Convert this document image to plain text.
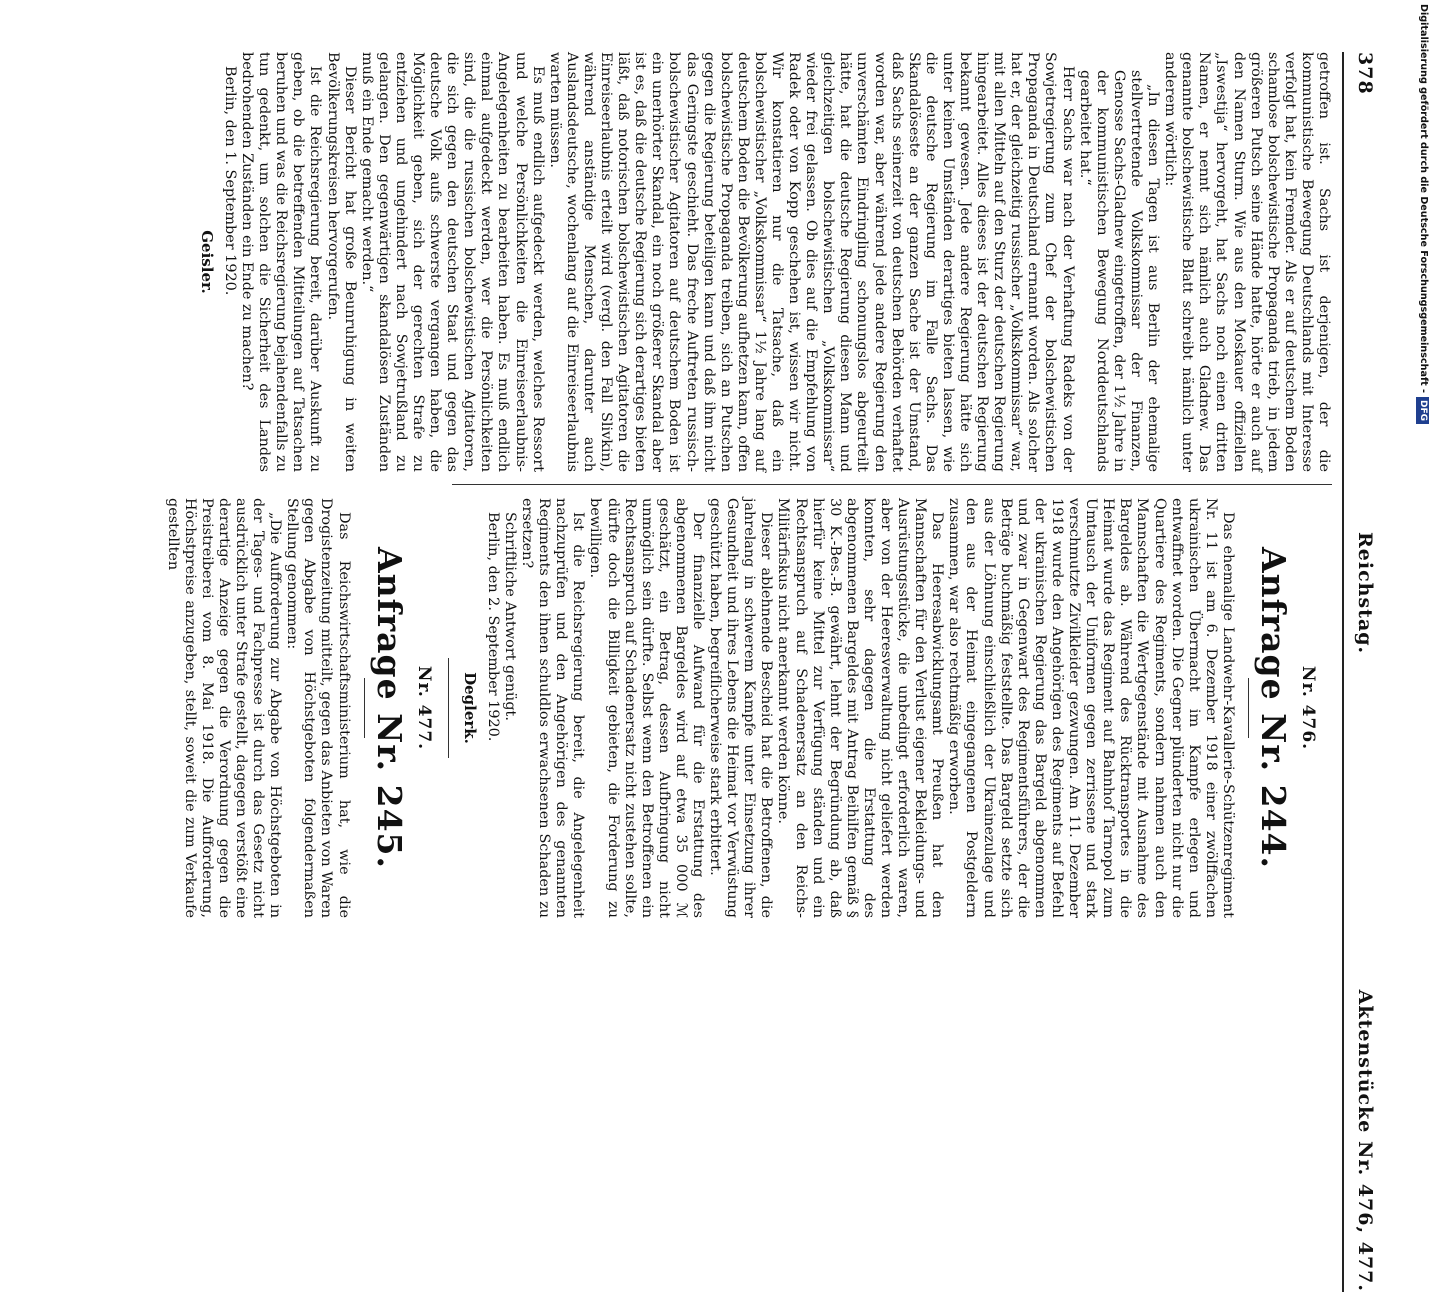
378
Reichstag.
Aktenstücke Nr. 476, 477.

getroffen ist. Sachs ist derjenigen, der die kommunistische Bewegung Deutschlands mit Interesse verfolgt hat, kein Fremder. Als er auf deutschem Boden schamlose bolschewistische Propaganda trieb, in jedem größeren Putsch seine Hände hatte, hörte er auch auf den Namen Sturm. Wie aus den Moskauer offiziellen „Iswestija“ hervorgeht, hat Sachs noch einen dritten Namen, er nennt sich nämlich auch Gladnew. Das genannte bolschewistische Blatt schreibt nämlich unter anderem wörtlich:

„In diesen Tagen ist aus Berlin der ehemalige stellvertretende Volkskommissar der Finanzen, Genosse Sachs-Gladnew eingetroffen, der 1½ Jahre in der kommunistischen Bewegung Norddeutschlands gearbeitet hat.“

Herr Sachs war nach der Verhaftung Radeks von der Sowjetregierung zum Chef der bolschewistischen Propaganda in Deutschland ernannt worden. Als solcher hat er, der gleichzeitig russischer „Volkskommissar“ war, mit allen Mitteln auf den Sturz der deutschen Regierung hingearbeitet. Alles dieses ist der deutschen Regierung bekannt gewesen. Jede andere Regierung hätte sich unter keinen Umständen derartiges bieten lassen, wie die deutsche Regierung im Falle Sachs. Das Skandalöseste an der ganzen Sache ist der Umstand, daß Sachs seinerzeit von deutschen Behörden verhaftet worden war, aber während jede andere Regierung den unverschämten Eindringling schonungslos abgeurteilt hätte, hat die deutsche Regierung diesen Mann und gleichzeitigen bolschewistischen „Volkskommissar“ wieder frei gelassen. Ob dies auf die Empfehlung von Radek oder von Kopp geschehen ist, wissen wir nicht. Wir konstatieren nur die Tatsache, daß ein bolschewistischer „Volkskommissar“ 1½ Jahre lang auf deutschem Boden die Bevölkerung aufhetzen kann, offen bolschewistische Propaganda treiben, sich an Putschen gegen die Regierung beteiligen kann und daß ihm nicht das Geringste geschieht. Das freche Auftreten russisch-bolschewistischer Agitatoren auf deutschem Boden ist ein unerhörter Skandal, ein noch größerer Skandal aber ist es, daß die deutsche Regierung sich derartiges bieten läßt, daß notorischen bolschewistischen Agitatoren die Einreiseerlaubnis erteilt wird (vergl. den Fall Slivkin), während anständige Menschen, darunter auch Auslandsdeutsche, wochenlang auf die Einreiseerlaubnis warten müssen.

Es muß endlich aufgedeckt werden, welches Ressort und welche Persönlichkeiten die Einreiseerlaubnis-Angelegenheiten zu bearbeiten haben. Es muß endlich einmal aufgedeckt werden, wer die Persönlichkeiten sind, die die russischen bolschewistischen Agitatoren, die sich gegen den deutschen Staat und gegen das deutsche Volk aufs schwerste vergangen haben, die Möglichkeit geben, sich der gerechten Strafe zu entziehen und ungehindert nach Sowjetrußland zu gelangen. Den gegenwärtigen skandalösen Zuständen muß ein Ende gemacht werden.“

Dieser Bericht hat große Beunruhigung in weiten Bevölkerungskreisen hervorgerufen.

Ist die Reichsregierung bereit, darüber Auskunft zu geben, ob die betreffenden Mitteilungen auf Tatsachen beruhen und was die Reichsregierung bejahendenfalls zu tun gedenkt, um solchen die Sicherheit des Landes bedrohenden Zuständen ein Ende zu machen?

Berlin, den 1. September 1920.

Geisler.
Nr. 476.
Anfrage Nr. 244.

Das ehemalige Landwehr-Kavallerie-Schützenregiment Nr. 11 ist am 6. Dezember 1918 einer zwölffachen ukrainischen Übermacht im Kampfe erlegen und entwaffnet worden. Die Gegner plünderten nicht nur die Quartiere des Regiments, sondern nahmen auch den Mannschaften die Wertgegenstände mit Ausnahme des Bargeldes ab. Während des Rücktransportes in die Heimat wurde das Regiment auf Bahnhof Tarnopol zum Umtausch der Uniformen gegen zerrissene und stark verschmutzte Zivilkleider gezwungen. Am 11. Dezember 1918 wurde den Angehörigen des Regiments auf Befehl der ukrainischen Regierung das Bargeld abgenommen und zwar in Gegenwart des Regimentsführers, der die Beträge buchmäßig feststellte. Das Bargeld setzte sich aus der Löhnung einschließlich der Ukrainezulage und den aus der Heimat eingegangenen Postgeldern zusammen, war also rechtmäßig erworben.

Das Heeresabwicklungsamt Preußen hat den Mannschaften für den Verlust eigener Bekleidungs- und Ausrüstungsstücke, die unbedingt erforderlich waren, aber von der Heeresverwaltung nicht geliefert werden konnten, sehr dagegen die Erstattung des abgenommenen Bargeldes mit Antrag Beihilfen gemäß § 30 K.-Bes.-B. gewährt, lehnt der Begründung ab, daß hierfür keine Mittel zur Verfügung ständen und ein Rechtsanspruch auf Schadenersatz an den Reichs-Militärfiskus nicht anerkannt werden könne.

Dieser ablehnende Bescheid hat die Betroffenen, die jahrelang in schwerem Kampfe unter Einsetzung ihrer Gesundheit und ihres Lebens die Heimat vor Verwüstung geschützt haben, begreiflicherweise stark erbittert.

Der finanzielle Aufwand für die Erstattung des abgenommenen Bargeldes wird auf etwa 35 000 ℳ geschätzt, ein Betrag, dessen Aufbringung nicht unmöglich sein dürfte. Selbst wenn den Betroffenen ein Rechtsanspruch auf Schadenersatz nicht zustehen sollte, dürfte doch die Billigkeit gebieten, die Forderung zu bewilligen.

Ist die Reichsregierung bereit, die Angelegenheit nachzuprüfen und den Angehörigen des genannten Regiments den ihnen schuldlos erwachsenen Schaden zu ersetzen?

Schriftliche Antwort genügt.

Berlin, den 2. September 1920.

Deglerk.
Nr. 477.
Anfrage Nr. 245.

Das Reichswirtschaftsministerium hat, wie die Drogistenzeitung mitteilt, gegen das Anbieten von Waren gegen Abgabe von Höchstgeboten folgendermaßen Stellung genommen:

„Die Aufforderung zur Abgabe von Höchstgeboten in der Tages- und Fachpresse ist durch das Gesetz nicht ausdrücklich unter Strafe gestellt, dagegen verstößt eine derartige Anzeige gegen die Verordnung gegen die Preistreiberei vom 8. Mai 1918. Die Aufforderung, Höchstpreise anzugeben, stellt, soweit die zum Verkaufe gestellten

Digitalisierung gefördert durch die Deutsche Forschungsgemeinschaft -DFG
